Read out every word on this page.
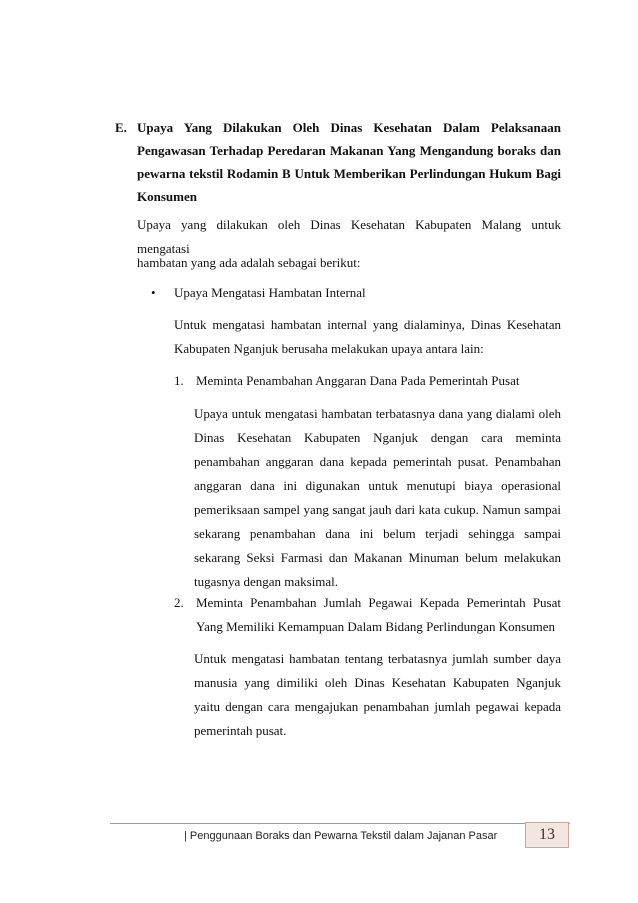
E. Upaya Yang Dilakukan Oleh Dinas Kesehatan Dalam Pelaksanaan
Pengawasan Terhadap Peredaran Makanan Yang Mengandung boraks dan
pewarna tekstil Rodamin B Untuk Memberikan Perlindungan Hukum Bagi
Konsumen
Upaya yang dilakukan oleh Dinas Kesehatan Kabupaten Malang untuk mengatasi
hambatan yang ada adalah sebagai berikut:
• Upaya Mengatasi Hambatan Internal
Untuk mengatasi hambatan internal yang dialaminya, Dinas Kesehatan Kabupaten Nganjuk berusaha melakukan upaya antara lain:
1. Meminta Penambahan Anggaran Dana Pada Pemerintah Pusat
Upaya untuk mengatasi hambatan terbatasnya dana yang dialami oleh Dinas Kesehatan Kabupaten Nganjuk dengan cara meminta penambahan anggaran dana kepada pemerintah pusat. Penambahan anggaran dana ini digunakan untuk menutupi biaya operasional pemeriksaan sampel yang sangat jauh dari kata cukup. Namun sampai sekarang penambahan dana ini belum terjadi sehingga sampai sekarang Seksi Farmasi dan Makanan Minuman belum melakukan tugasnya dengan maksimal.
2. Meminta Penambahan Jumlah Pegawai Kepada Pemerintah Pusat Yang Memiliki Kemampuan Dalam Bidang Perlindungan Konsumen
Untuk mengatasi hambatan tentang terbatasnya jumlah sumber daya manusia yang dimiliki oleh Dinas Kesehatan Kabupaten Nganjuk yaitu dengan cara mengajukan penambahan jumlah pegawai kepada pemerintah pusat.
| Penggunaan Boraks dan Pewarna Tekstil dalam Jajanan Pasar	13
